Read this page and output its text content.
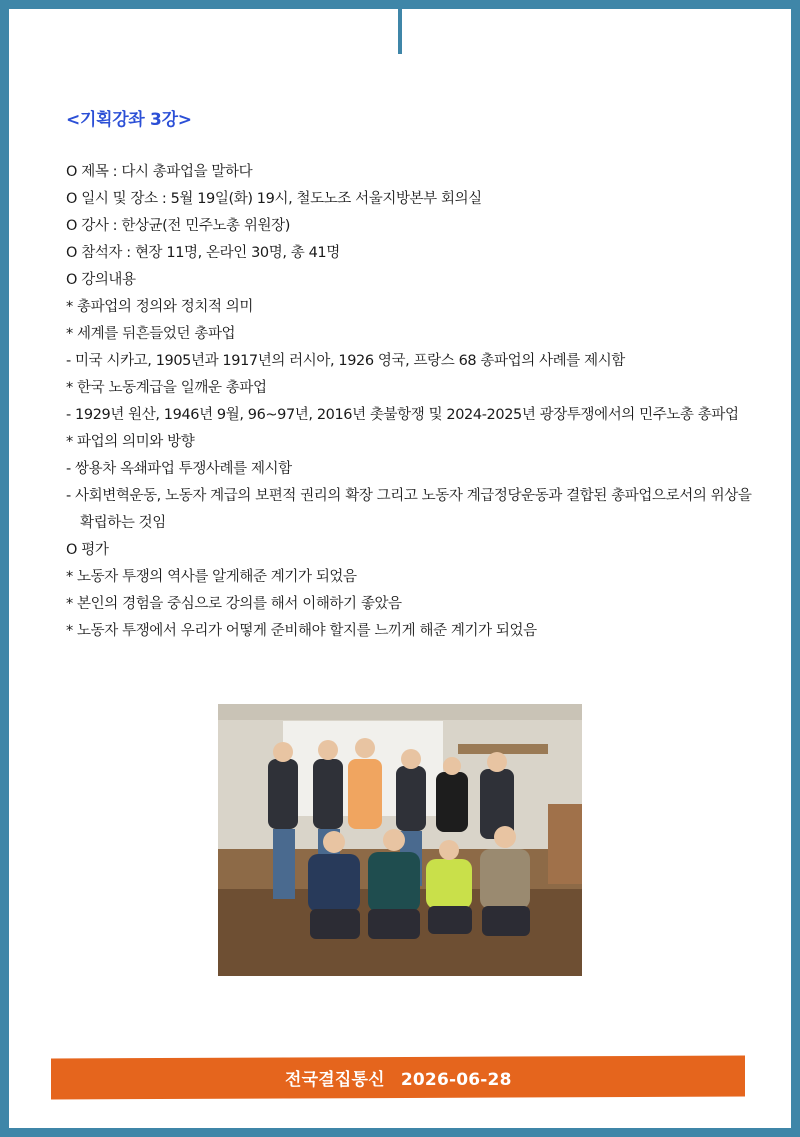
<기획강좌 3강>
O 제목 : 다시 총파업을 말하다
O 일시 및 장소 : 5월 19일(화) 19시, 철도노조 서울지방본부 회의실
O 강사 : 한상균(전 민주노총 위원장)
O 참석자 : 현장 11명, 온라인 30명, 총 41명
O 강의내용
* 총파업의 정의와 정치적 의미
* 세계를 뒤흔들었던 총파업
- 미국 시카고, 1905년과 1917년의 러시아, 1926 영국, 프랑스 68 총파업의 사례를 제시함
* 한국 노동계급을 일깨운 총파업
- 1929년 원산, 1946년 9월, 96~97년, 2016년 촛불항쟁 및 2024-2025년 광장투쟁에서의 민주노총 총파업
* 파업의 의미와 방향
- 쌍용차 옥쇄파업 투쟁사례를 제시함
- 사회변혁운동, 노동자 계급의 보편적 권리의 확장 그리고 노동자 계급정당운동과 결합된 총파업으로서의 위상을 확립하는 것임
O 평가
* 노동자 투쟁의 역사를 알게해준 계기가 되었음
* 본인의 경험을 중심으로 강의를 해서 이해하기 좋았음
* 노동자 투쟁에서 우리가 어떻게 준비해야 할지를 느끼게 해준 계기가 되었음
전국결집통신 2026-06-28
